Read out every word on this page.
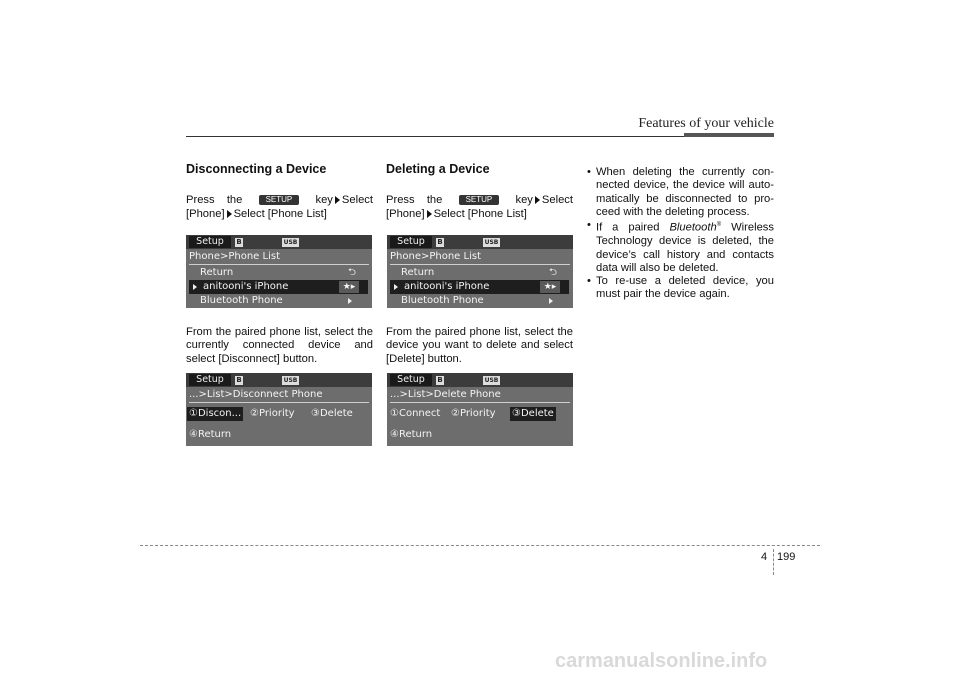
Features of your vehicle
Disconnecting a Device

Press the	SETUP key Select [Phone] Select [Phone List]

Setup	B	USB
Phone>Phone List
Return	⮌
anitooni's iPhone	★▸
Bluetooth Phone

From the paired phone list, select the currently connected device and select [Disconnect] button.

Setup	B	USB
...>List>Disconnect Phone
①Discon... ②Priority ③Delete
④Return
Deleting a Device

Press the	SETUP key Select [Phone] Select [Phone List]

Setup	B	USB
Phone>Phone List
Return	⮌
anitooni's iPhone	★▸
Bluetooth Phone

From the paired phone list, select the device you want to delete and select [Delete] button.

Setup	B	USB
...>List>Delete Phone
①Connect ②Priority ③Delete
④Return
• When deleting the currently con-nected device, the device will auto-matically be disconnected to pro-ceed with the deleting process.
• If a paired Bluetooth® Wireless Technology device is deleted, the device’s call history and contacts data will also be deleted.
• To re-use a deleted device, you must pair the device again.
4 199
carmanualsonline.info
